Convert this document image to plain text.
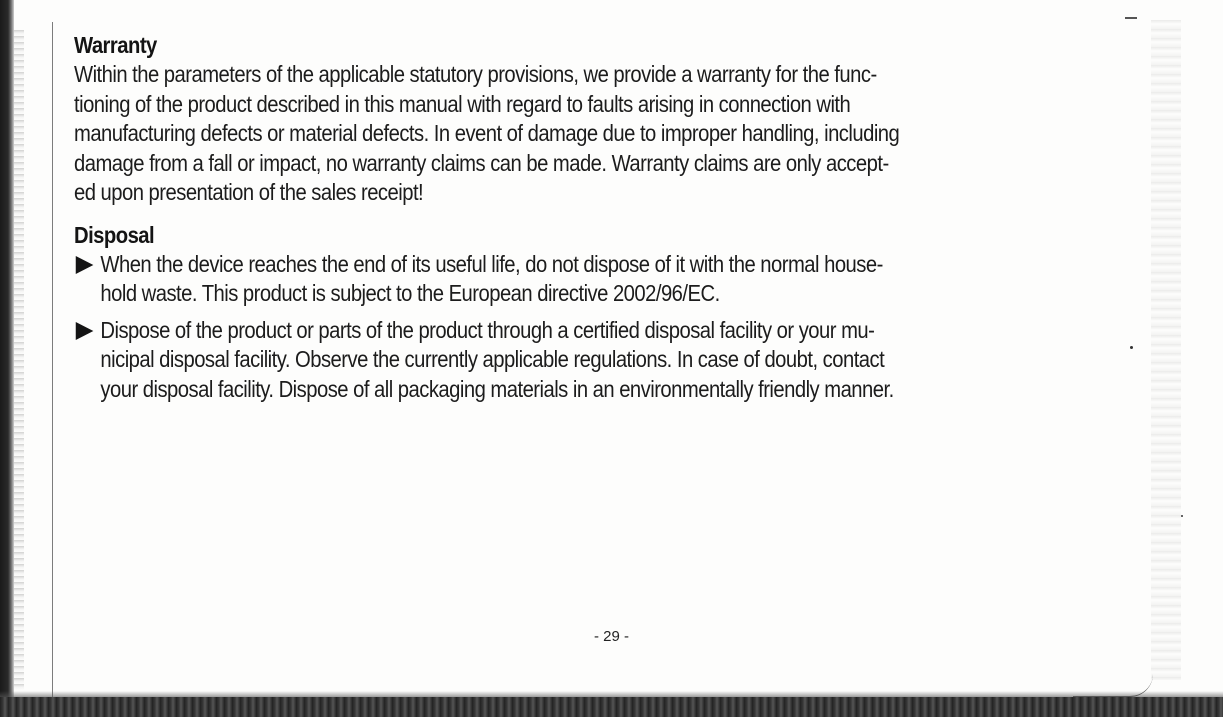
Warranty

Within the parameters of the applicable statutory provisions, we provide a warranty for the func-
tioning of the product described in this manual with regard to faults arising in connection with
manufacturing defects or material defects. In event of damage due to improper handling, including
damage from a fall or impact, no warranty claims can be made. Warranty claims are only accept-
ed upon presentation of the sales receipt!

Disposal
When the device reaches the end of its useful life, do not dispose of it with the normal house-
hold waste. This product is subject to the European directive 2002/96/EC.
Dispose of the product or parts of the product through a certified disposal facility or your mu-
nicipal disposal facility. Observe the currently applicable regulations. In case of doubt, contact
your disposal facility. Dispose of all packaging materials in an environmentally friendly manner.
- 29 -
